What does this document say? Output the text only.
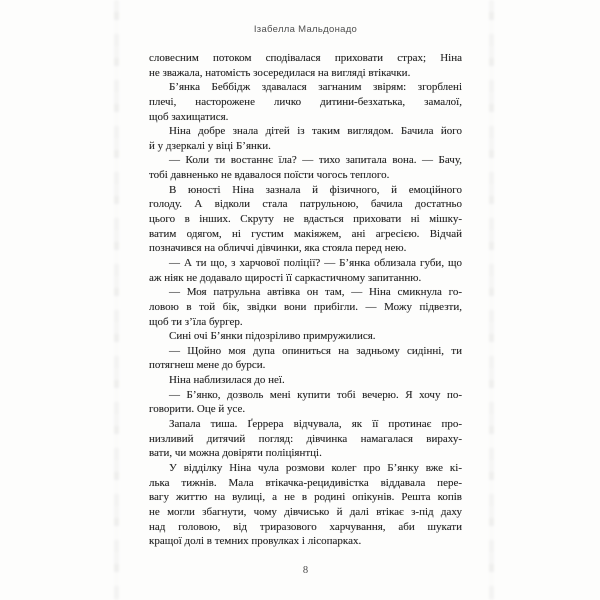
Ізабелла Мальдонадо
словесним потоком сподівалася приховати страх; Ніна
не зважала, натомість зосередилася на вигляді втікачки.
Б’янка Беббідж здавалася загнаним звірям: згорблені
плечі, насторожене личко дитини-безхатька, замалої,
щоб захищатися.
Ніна добре знала дітей із таким виглядом. Бачила його
й у дзеркалі у віці Б’янки.
— Коли ти востаннє їла? — тихо запитала вона. — Бачу,
тобі давненько не вдавалося поїсти чогось теплого.
В юності Ніна зазнала й фізичного, й емоційного
голоду. А відколи стала патрульною, бачила достатньо
цього в інших. Скруту не вдасться приховати ні мішку-
ватим одягом, ні густим макіяжем, ані агресією. Відчай
позначився на обличчі дівчинки, яка стояла перед нею.
— А ти що, з харчової поліції? — Б’янка облизала губи, що
аж ніяк не додавало щирості її саркастичному запитанню.
— Моя патрульна автівка он там, — Ніна смикнула го-
ловою в той бік, звідки вони прибігли. — Можу підвезти,
щоб ти з’їла бургер.
Сині очі Б’янки підозріливо примружилися.
— Щойно моя дупа опиниться на задньому сидінні, ти
потягнеш мене до бурси.
Ніна наблизилася до неї.
— Б’янко, дозволь мені купити тобі вечерю. Я хочу по-
говорити. Оце й усе.
Запала тиша. Ґеррера відчувала, як її протинає про-
низливий дитячий погляд: дівчинка намагалася вираху-
вати, чи можна довіряти поліціянтці.
У відділку Ніна чула розмови колег про Б’янку вже кі-
лька тижнів. Мала втікачка-рецидивістка віддавала пере-
вагу життю на вулиці, а не в родині опікунів. Решта копів
не могли збагнути, чому дівчисько й далі втікає з-під даху
над головою, від триразового харчування, аби шукати
кращої долі в темних провулках і лісопарках.
8
